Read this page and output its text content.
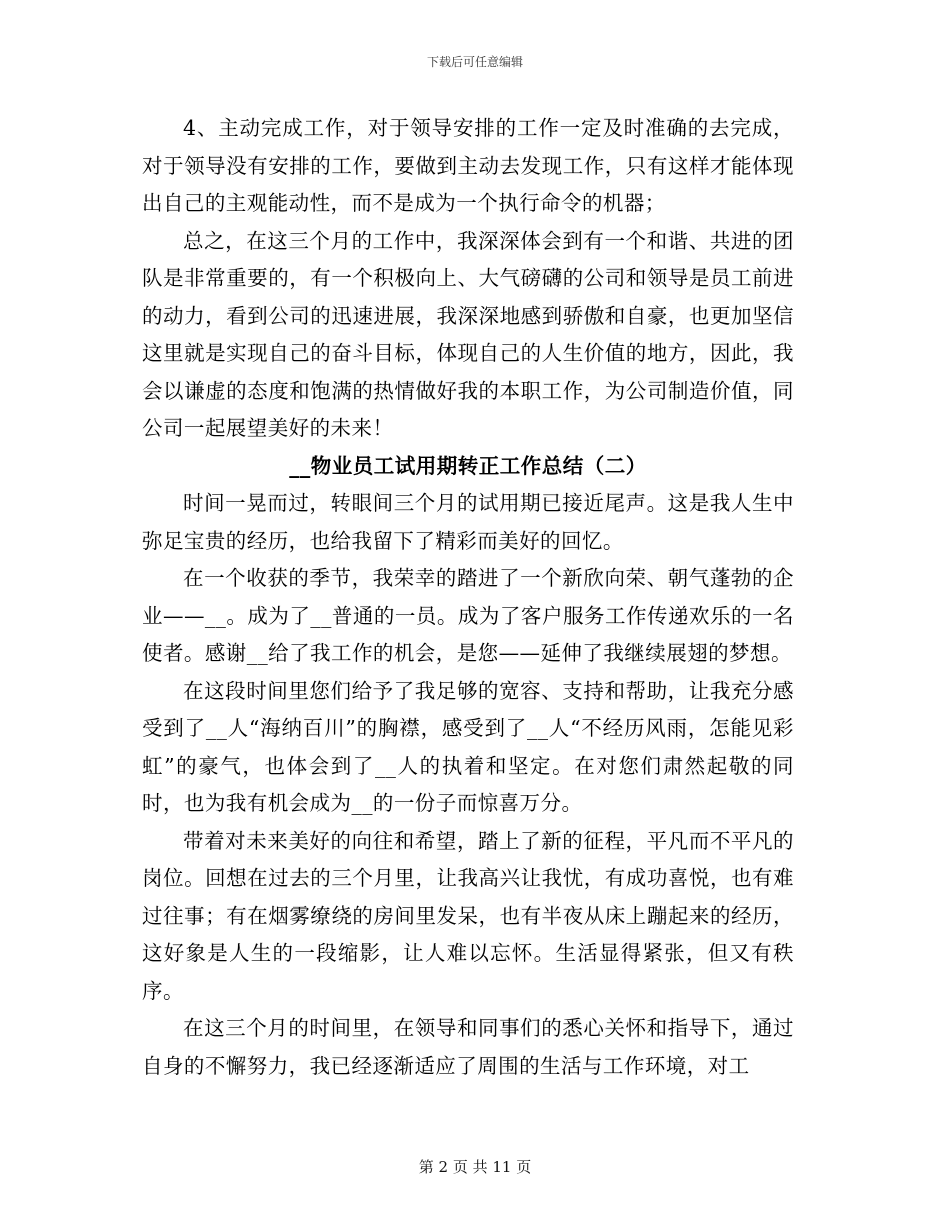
下载后可任意编辑

4、主动完成工作，对于领导安排的工作一定及时准确的去完成，对于领导没有安排的工作，要做到主动去发现工作，只有这样才能体现出自己的主观能动性，而不是成为一个执行命令的机器；

总之，在这三个月的工作中，我深深体会到有一个和谐、共进的团队是非常重要的，有一个积极向上、大气磅礴的公司和领导是员工前进的动力，看到公司的迅速进展，我深深地感到骄傲和自豪，也更加坚信这里就是实现自己的奋斗目标，体现自己的人生价值的地方，因此，我会以谦虚的态度和饱满的热情做好我的本职工作，为公司制造价值，同公司一起展望美好的未来！

__物业员工试用期转正工作总结（二）

时间一晃而过，转眼间三个月的试用期已接近尾声。这是我人生中弥足宝贵的经历，也给我留下了精彩而美好的回忆。

在一个收获的季节，我荣幸的踏进了一个新欣向荣、朝气蓬勃的企业——__。成为了__普通的一员。成为了客户服务工作传递欢乐的一名使者。感谢__给了我工作的机会，是您——延伸了我继续展翅的梦想。

在这段时间里您们给予了我足够的宽容、支持和帮助，让我充分感受到了__人“海纳百川”的胸襟，感受到了__人“不经历风雨，怎能见彩虹”的豪气，也体会到了__人的执着和坚定。在对您们肃然起敬的同时，也为我有机会成为__的一份子而惊喜万分。

带着对未来美好的向往和希望，踏上了新的征程，平凡而不平凡的岗位。回想在过去的三个月里，让我高兴让我忧，有成功喜悦，也有难过往事；有在烟雾缭绕的房间里发呆，也有半夜从床上蹦起来的经历，这好象是人生的一段缩影，让人难以忘怀。生活显得紧张，但又有秩序。

在这三个月的时间里，在领导和同事们的悉心关怀和指导下，通过自身的不懈努力，我已经逐渐适应了周围的生活与工作环境，对工

第 2 页 共 11 页
